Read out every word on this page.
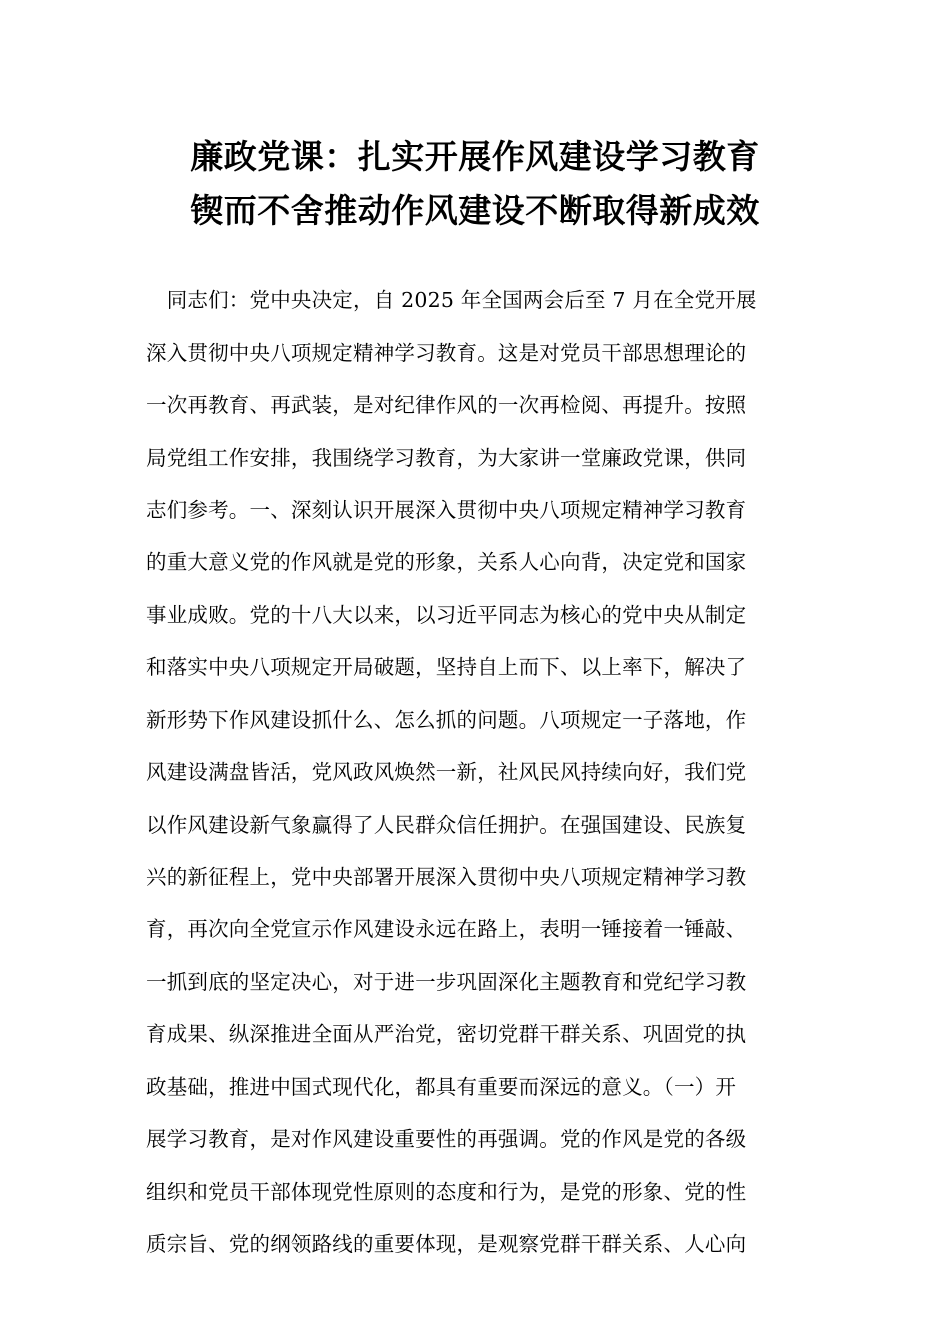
廉政党课：扎实开展作风建设学习教育
锲而不舍推动作风建设不断取得新成效
　同志们：党中央决定，自 2025 年全国两会后至 7 月在全党开展
深入贯彻中央八项规定精神学习教育。这是对党员干部思想理论的
一次再教育、再武装，是对纪律作风的一次再检阅、再提升。按照
局党组工作安排，我围绕学习教育，为大家讲一堂廉政党课，供同
志们参考。一、深刻认识开展深入贯彻中央八项规定精神学习教育
的重大意义党的作风就是党的形象，关系人心向背，决定党和国家
事业成败。党的十八大以来，以习近平同志为核心的党中央从制定
和落实中央八项规定开局破题，坚持自上而下、以上率下，解决了
新形势下作风建设抓什么、怎么抓的问题。八项规定一子落地，作
风建设满盘皆活，党风政风焕然一新，社风民风持续向好，我们党
以作风建设新气象赢得了人民群众信任拥护。在强国建设、民族复
兴的新征程上，党中央部署开展深入贯彻中央八项规定精神学习教
育，再次向全党宣示作风建设永远在路上，表明一锤接着一锤敲、
一抓到底的坚定决心，对于进一步巩固深化主题教育和党纪学习教
育成果、纵深推进全面从严治党，密切党群干群关系、巩固党的执
政基础，推进中国式现代化，都具有重要而深远的意义。（一）开
展学习教育，是对作风建设重要性的再强调。党的作风是党的各级
组织和党员干部体现党性原则的态度和行为，是党的形象、党的性
质宗旨、党的纲领路线的重要体现，是观察党群干群关系、人心向
